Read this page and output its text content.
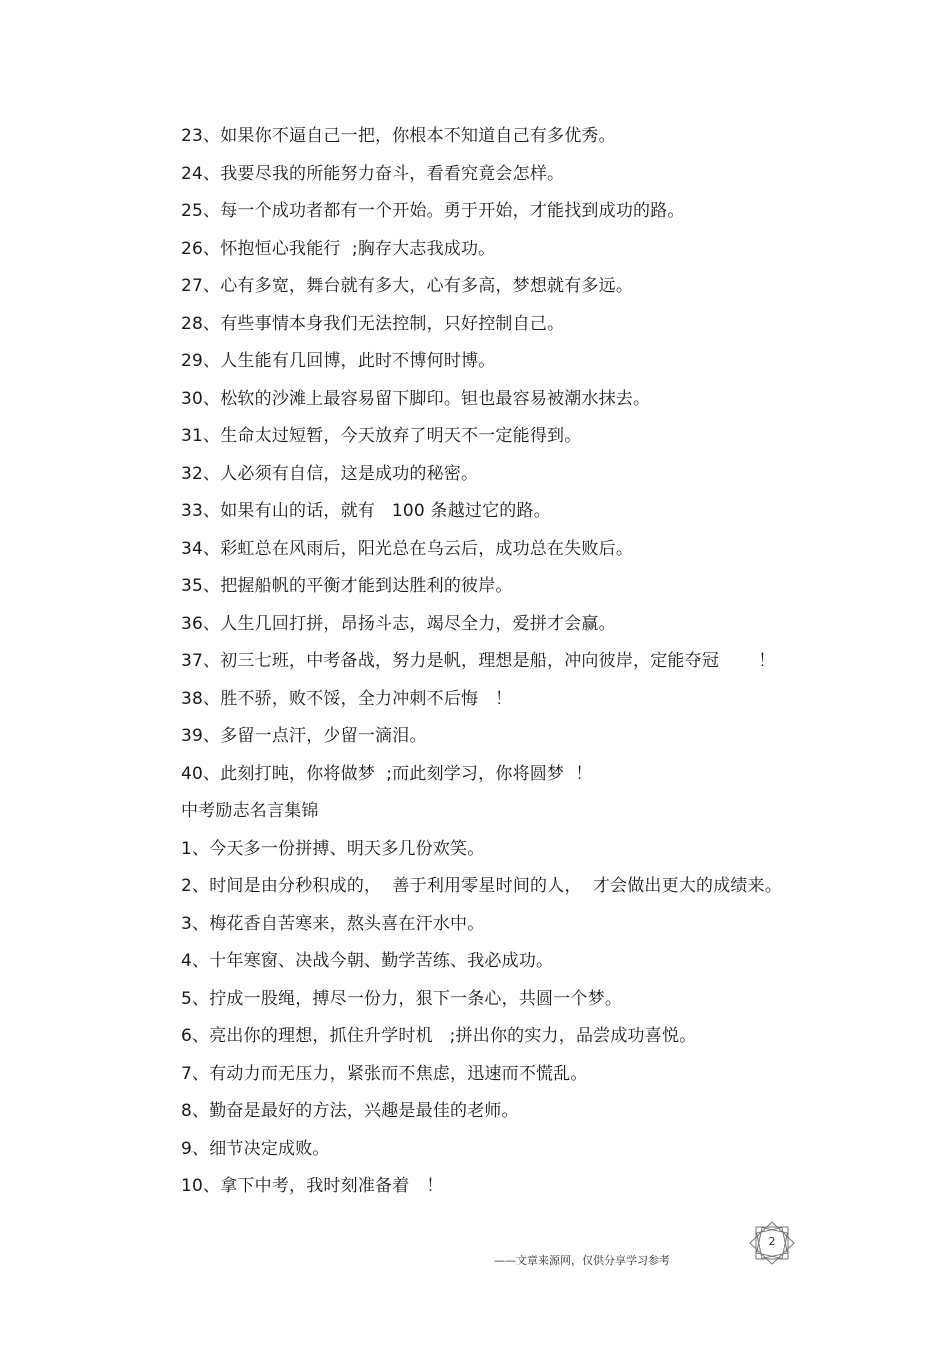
23、如果你不逼自己一把，你根本不知道自己有多优秀。
24、我要尽我的所能努力奋斗，看看究竟会怎样。
25、每一个成功者都有一个开始。勇于开始，才能找到成功的路。
26、怀抱恒心我能行  ;胸存大志我成功。
27、心有多宽，舞台就有多大，心有多高，梦想就有多远。
28、有些事情本身我们无法控制，只好控制自己。
29、人生能有几回博，此时不博何时博。
30、松软的沙滩上最容易留下脚印。钽也最容易被潮水抹去。
31、生命太过短暂，今天放弃了明天不一定能得到。
32、人必须有自信，这是成功的秘密。
33、如果有山的话，就有   100 条越过它的路。
34、彩虹总在风雨后，阳光总在乌云后，成功总在失败后。
35、把握船帆的平衡才能到达胜利的彼岸。
36、人生几回打拼，昂扬斗志，竭尽全力，爱拼才会赢。
37、初三七班，中考备战，努力是帆，理想是船，冲向彼岸，定能夺冠       ！
38、胜不骄，败不馁，全力冲刺不后悔   ！
39、多留一点汗，少留一滴泪。
40、此刻打盹，你将做梦  ;而此刻学习，你将圆梦  ！
中考励志名言集锦
1、今天多一份拼搏、明天多几份欢笑。
2、时间是由分秒积成的，  善于利用零星时间的人，  才会做出更大的成绩来。
3、梅花香自苦寒来，熬头喜在汗水中。
4、十年寒窗、决战今朝、勤学苦练、我必成功。
5、拧成一股绳，搏尽一份力，狠下一条心，共圆一个梦。
6、亮出你的理想，抓住升学时机   ;拼出你的实力，品尝成功喜悦。
7、有动力而无压力，紧张而不焦虑，迅速而不慌乱。
8、勤奋是最好的方法，兴趣是最佳的老师。
9、细节决定成败。
10、拿下中考，我时刻准备着   ！
——文章来源网，仅供分享学习参考
2
